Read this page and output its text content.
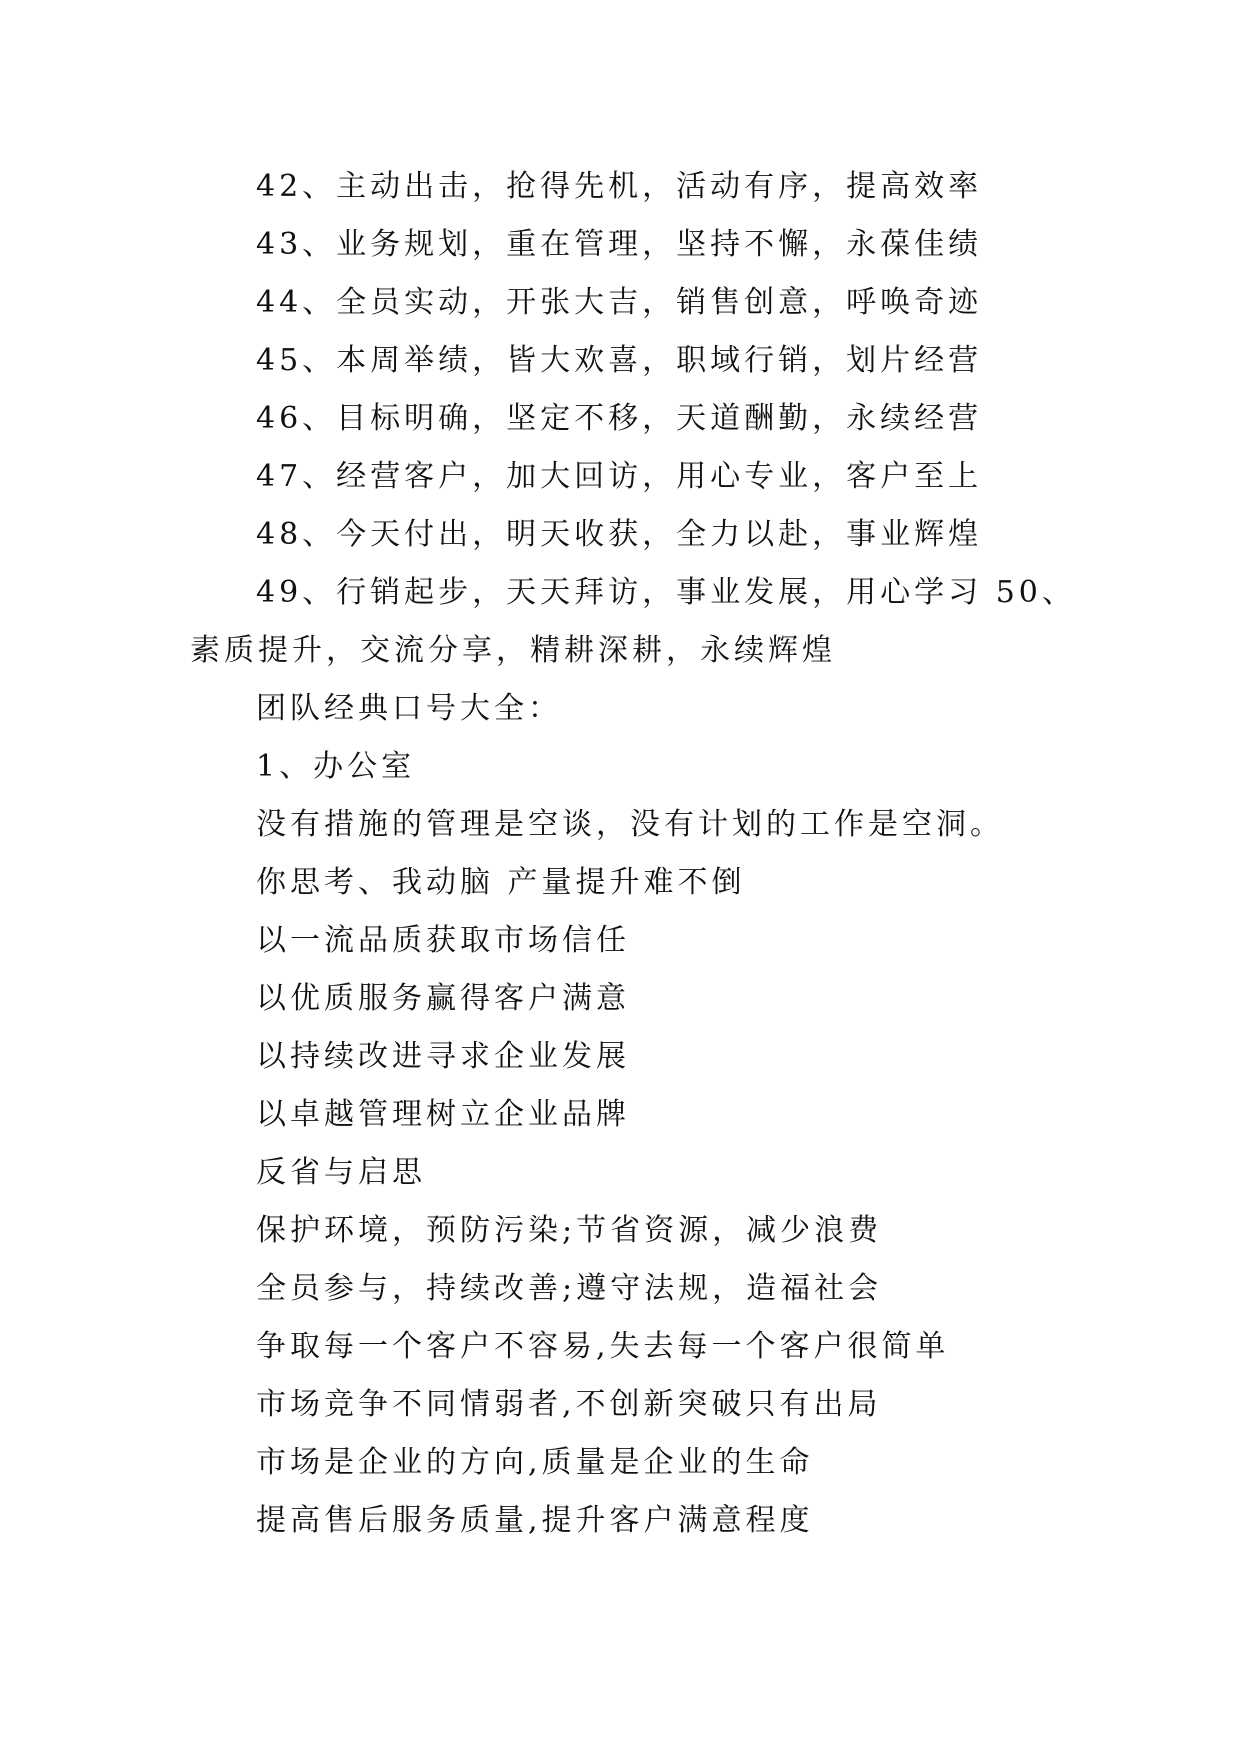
42、主动出击，抢得先机，活动有序，提高效率
43、业务规划，重在管理，坚持不懈，永葆佳绩
44、全员实动，开张大吉，销售创意，呼唤奇迹
45、本周举绩，皆大欢喜，职域行销，划片经营
46、目标明确，坚定不移，天道酬勤，永续经营
47、经营客户，加大回访，用心专业，客户至上
48、今天付出，明天收获，全力以赴，事业辉煌
49、行销起步，天天拜访，事业发展，用心学习 50、素质提升，交流分享，精耕深耕，永续辉煌
团队经典口号大全：
1、办公室
没有措施的管理是空谈，没有计划的工作是空洞。
你思考、我动脑 产量提升难不倒
以一流品质获取市场信任
以优质服务赢得客户满意
以持续改进寻求企业发展
以卓越管理树立企业品牌
反省与启思
保护环境，预防污染;节省资源，减少浪费
全员参与，持续改善;遵守法规，造福社会
争取每一个客户不容易,失去每一个客户很简单
市场竞争不同情弱者,不创新突破只有出局
市场是企业的方向,质量是企业的生命
提高售后服务质量,提升客户满意程度
